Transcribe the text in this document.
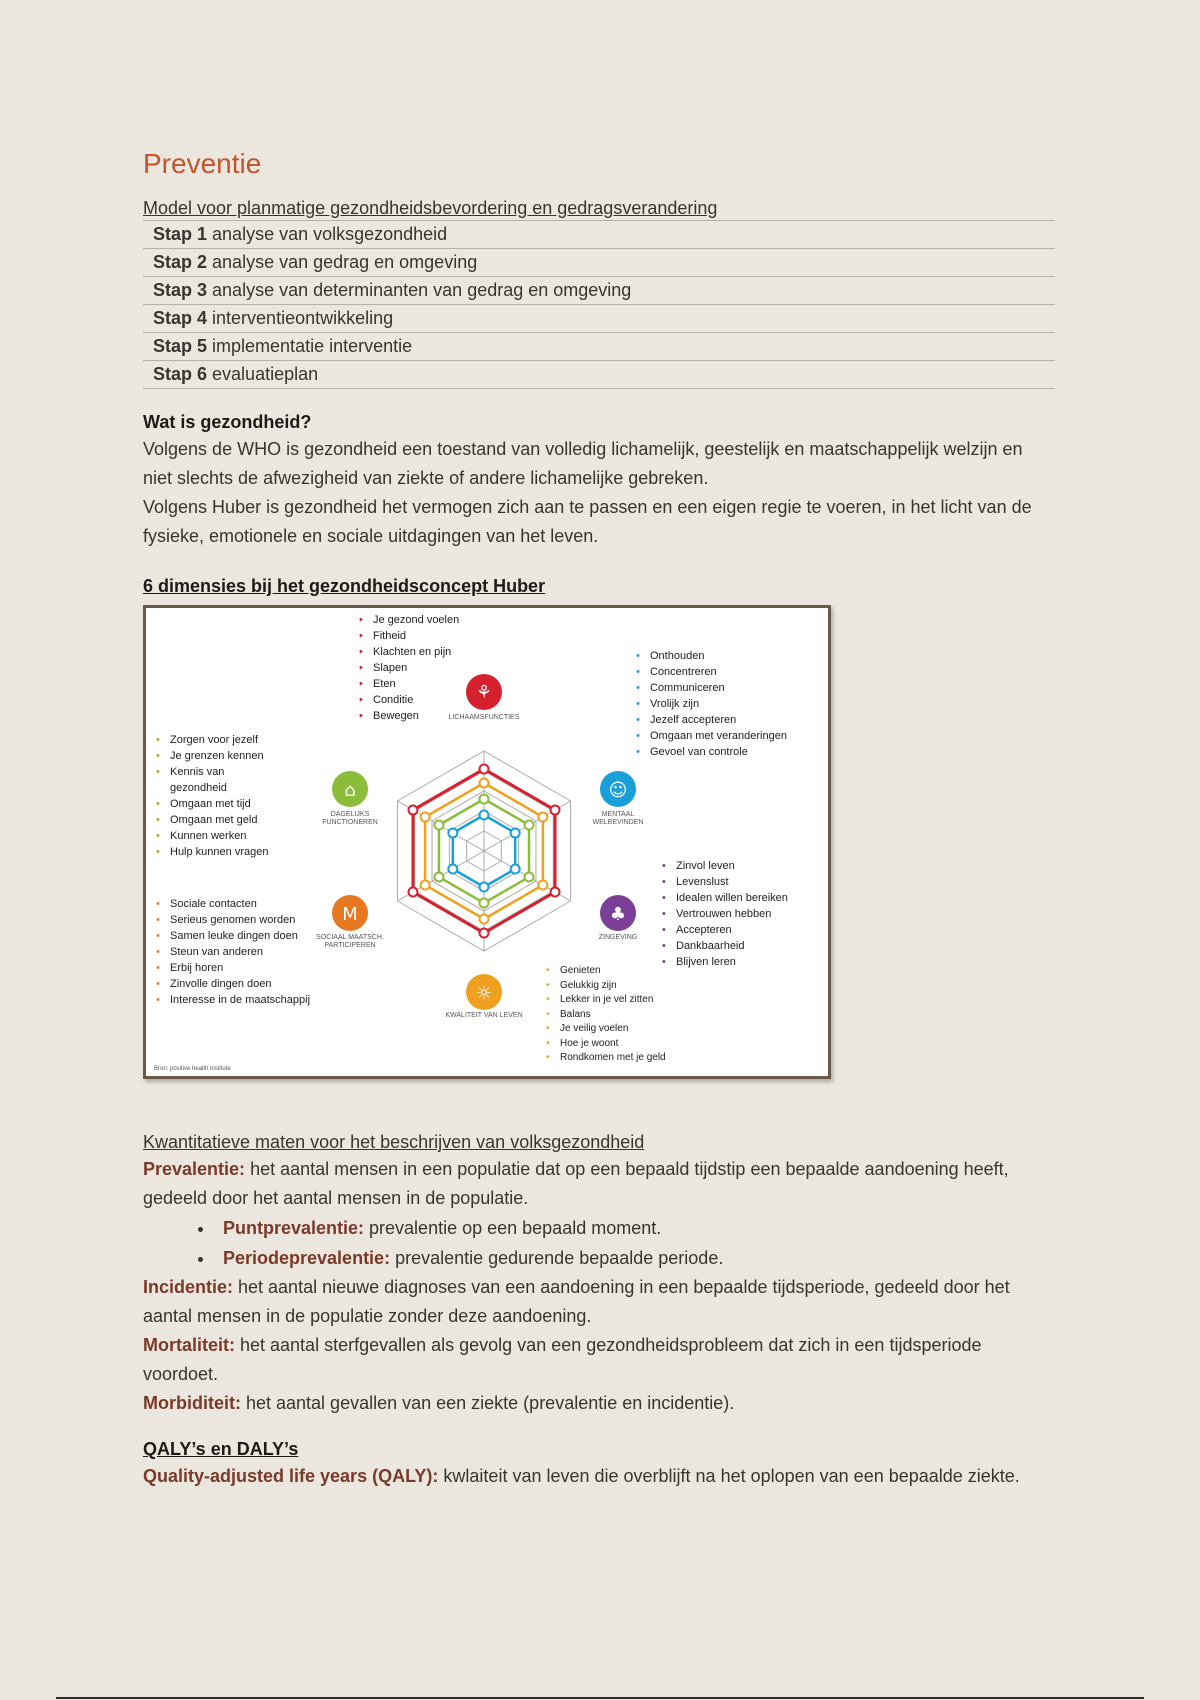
Preventie
Model voor planmatige gezondheidsbevordering en gedragsverandering
Stap 1 analyse van volksgezondheid
Stap 2 analyse van gedrag en omgeving
Stap 3 analyse van determinanten van gedrag en omgeving
Stap 4 interventieontwikkeling
Stap 5 implementatie interventie
Stap 6 evaluatieplan
Wat is gezondheid?
Volgens de WHO is gezondheid een toestand van volledig lichamelijk, geestelijk en maatschappelijk welzijn en niet slechts de afwezigheid van ziekte of andere lichamelijke gebreken.
Volgens Huber is gezondheid het vermogen zich aan te passen en een eigen regie te voeren, in het licht van de fysieke, emotionele en sociale uitdagingen van het leven.
6 dimensies bij het gezondheidsconcept Huber
⚘
☺
♣
☼
M
⌂
LICHAAMSFUNCTIES
MENTAAL WELBEVINDEN
ZINGEVING
KWALITEIT VAN LEVEN
SOCIAAL MAATSCH. PARTICIPEREN
DAGELIJKS FUNCTIONEREN
• Je gezond voelen
• Fitheid
• Klachten en pijn
• Slapen
• Eten
• Conditie
• Bewegen
• Onthouden
• Concentreren
• Communiceren
• Vrolijk zijn
• Jezelf accepteren
• Omgaan met veranderingen
• Gevoel van controle
• Zinvol leven
• Levenslust
• Idealen willen bereiken
• Vertrouwen hebben
• Accepteren
• Dankbaarheid
• Blijven leren
• Genieten
• Gelukkig zijn
• Lekker in je vel zitten
• Balans
• Je veilig voelen
• Hoe je woont
• Rondkomen met je geld
• Sociale contacten
• Serieus genomen worden
• Samen leuke dingen doen
• Steun van anderen
• Erbij horen
• Zinvolle dingen doen
• Interesse in de maatschappij
• Zorgen voor jezelf
• Je grenzen kennen
• Kennis van gezondheid
• Omgaan met tijd
• Omgaan met geld
• Kunnen werken
• Hulp kunnen vragen
Bron: positive health institute
Kwantitatieve maten voor het beschrijven van volksgezondheid
Prevalentie: het aantal mensen in een populatie dat op een bepaald tijdstip een bepaalde aandoening heeft, gedeeld door het aantal mensen in de populatie.
• Puntprevalentie: prevalentie op een bepaald moment.
• Periodeprevalentie: prevalentie gedurende bepaalde periode.
Incidentie: het aantal nieuwe diagnoses van een aandoening in een bepaalde tijdsperiode, gedeeld door het aantal mensen in de populatie zonder deze aandoening.
Mortaliteit: het aantal sterfgevallen als gevolg van een gezondheidsprobleem dat zich in een tijdsperiode voordoet.
Morbiditeit: het aantal gevallen van een ziekte (prevalentie en incidentie).
QALY’s en DALY’s
Quality-adjusted life years (QALY): kwlaiteit van leven die overblijft na het oplopen van een bepaalde ziekte.
